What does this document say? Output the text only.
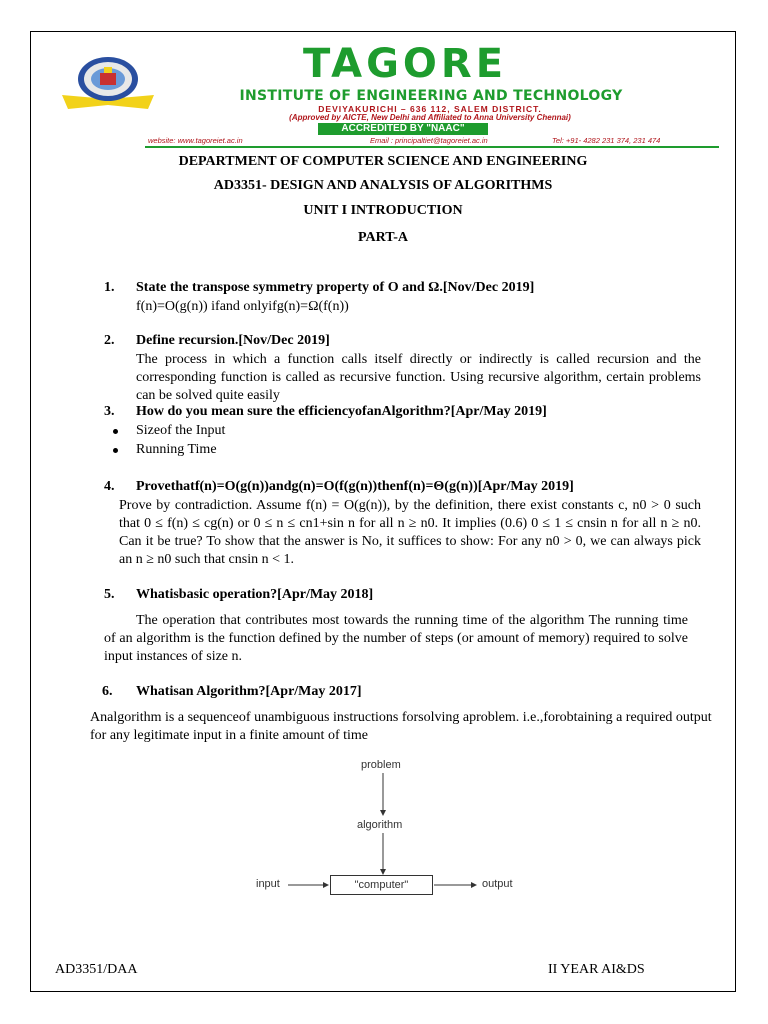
TAGORE
INSTITUTE OF ENGINEERING AND TECHNOLOGY
DEVIYAKURICHI – 636 112, SALEM DISTRICT.
(Approved by AICTE, New Delhi and Affiliated to Anna University Chennai)
ACCREDITED BY "NAAC"
website: www.tagoreiet.ac.in	Email : principaltiet@tagoreiet.ac.in	Tel: +91- 4282 231 374, 231 474
DEPARTMENT OF COMPUTER SCIENCE AND ENGINEERING
AD3351- DESIGN AND ANALYSIS OF ALGORITHMS
UNIT I INTRODUCTION
PART-A
1. State the transpose symmetry property of O and Ω.[Nov/Dec 2019]
f(n)=O(g(n)) ifand onlyifg(n)=Ω(f(n))
2. Define recursion.[Nov/Dec 2019]
The process in which a function calls itself directly or indirectly is called recursion and the corresponding function is called as recursive function. Using recursive algorithm, certain problems can be solved quite easily
3. How do you mean sure the efficiencyofanAlgorithm?[Apr/May 2019]
Sizeof the Input
Running Time
4. Provethatf(n)=O(g(n))andg(n)=O(f(g(n))thenf(n)=Θ(g(n))[Apr/May 2019]
Prove by contradiction. Assume f(n) = O(g(n)), by the definition, there exist constants c, n0 > 0 such that 0 ≤ f(n) ≤ cg(n) or 0 ≤ n ≤ cn1+sin n for all n ≥ n0. It implies (0.6) 0 ≤ 1 ≤ cnsin n for all n ≥ n0. Can it be true? To show that the answer is No, it suffices to show: For any n0 > 0, we can always pick an n ≥ n0 such that cnsin n < 1.
5. Whatisbasic operation?[Apr/May 2018]
The operation that contributes most towards the running time of the algorithm The running time of an algorithm is the function defined by the number of steps (or amount of memory) required to solve input instances of size n.
6. Whatisan Algorithm?[Apr/May 2017]
Analgorithm is a sequenceof unambiguous instructions forsolving aproblem. i.e.,forobtaining a required output for any legitimate input in a finite amount of time
problem
algorithm
input	"computer"	output
AD3351/DAA	II YEAR AI&DS
